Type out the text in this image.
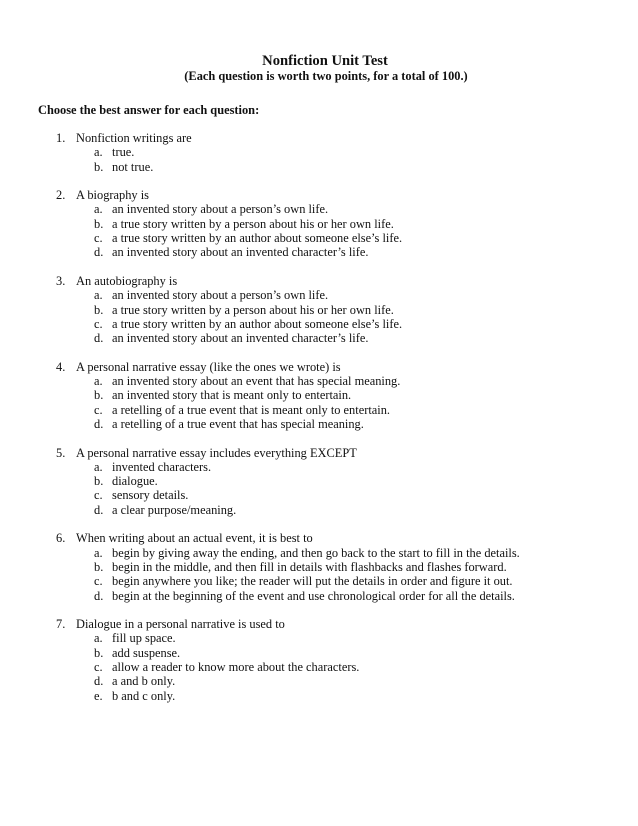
Nonfiction Unit Test
(Each question is worth two points, for a total of 100.)
Choose the best answer for each question:
1. Nonfiction writings are
a. true.
b. not true.
2. A biography is
a. an invented story about a person’s own life.
b. a true story written by a person about his or her own life.
c. a true story written by an author about someone else’s life.
d. an invented story about an invented character’s life.
3. An autobiography is
a. an invented story about a person’s own life.
b. a true story written by a person about his or her own life.
c. a true story written by an author about someone else’s life.
d. an invented story about an invented character’s life.
4. A personal narrative essay (like the ones we wrote) is
a. an invented story about an event that has special meaning.
b. an invented story that is meant only to entertain.
c. a retelling of a true event that is meant only to entertain.
d. a retelling of a true event that has special meaning.
5. A personal narrative essay includes everything EXCEPT
a. invented characters.
b. dialogue.
c. sensory details.
d. a clear purpose/meaning.
6. When writing about an actual event, it is best to
a. begin by giving away the ending, and then go back to the start to fill in the details.
b. begin in the middle, and then fill in details with flashbacks and flashes forward.
c. begin anywhere you like; the reader will put the details in order and figure it out.
d. begin at the beginning of the event and use chronological order for all the details.
7. Dialogue in a personal narrative is used to
a. fill up space.
b. add suspense.
c. allow a reader to know more about the characters.
d. a and b only.
e. b and c only.
